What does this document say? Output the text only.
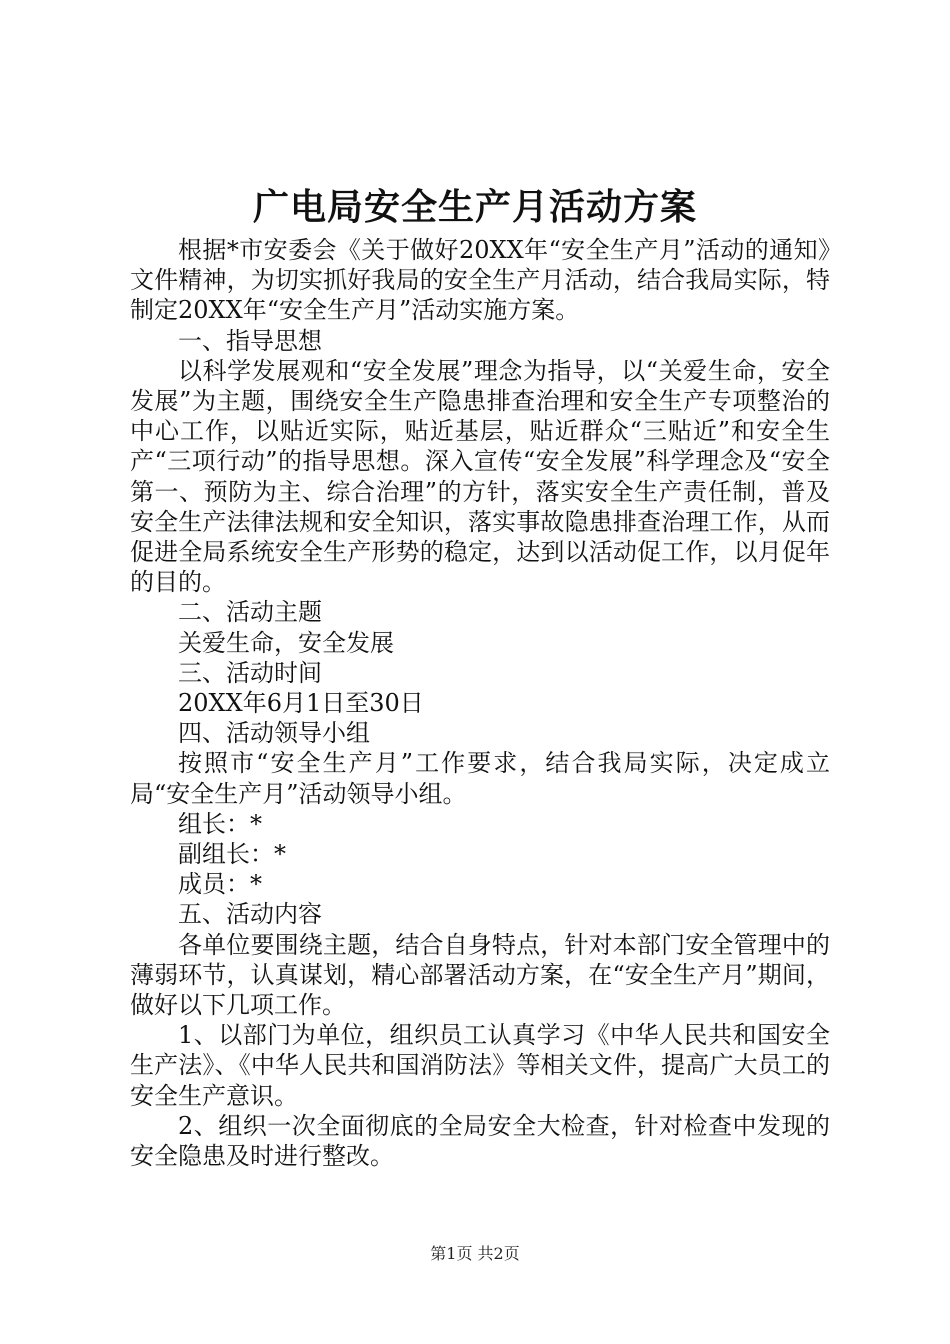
广电局安全生产月活动方案

根据*市安委会《关于做好20XX年“安全生产月”活动的通知》文件精神，为切实抓好我局的安全生产月活动，结合我局实际，特制定20XX年“安全生产月”活动实施方案。

一、指导思想

以科学发展观和“安全发展”理念为指导，以“关爱生命，安全发展”为主题，围绕安全生产隐患排查治理和安全生产专项整治的中心工作，以贴近实际，贴近基层，贴近群众“三贴近”和安全生产“三项行动”的指导思想。深入宣传“安全发展”科学理念及“安全第一、预防为主、综合治理”的方针，落实安全生产责任制，普及安全生产法律法规和安全知识，落实事故隐患排查治理工作，从而促进全局系统安全生产形势的稳定，达到以活动促工作，以月促年的目的。

二、活动主题

关爱生命，安全发展

三、活动时间

20XX年6月1日至30日

四、活动领导小组

按照市“安全生产月”工作要求，结合我局实际，决定成立局“安全生产月”活动领导小组。

组长：*

副组长：*

成员：*

五、活动内容

各单位要围绕主题，结合自身特点，针对本部门安全管理中的薄弱环节，认真谋划，精心部署活动方案，在“安全生产月”期间，做好以下几项工作。

1、以部门为单位，组织员工认真学习《中华人民共和国安全生产法》、《中华人民共和国消防法》等相关文件，提高广大员工的安全生产意识。

2、组织一次全面彻底的全局安全大检查，针对检查中发现的安全隐患及时进行整改。

第1页 共2页
